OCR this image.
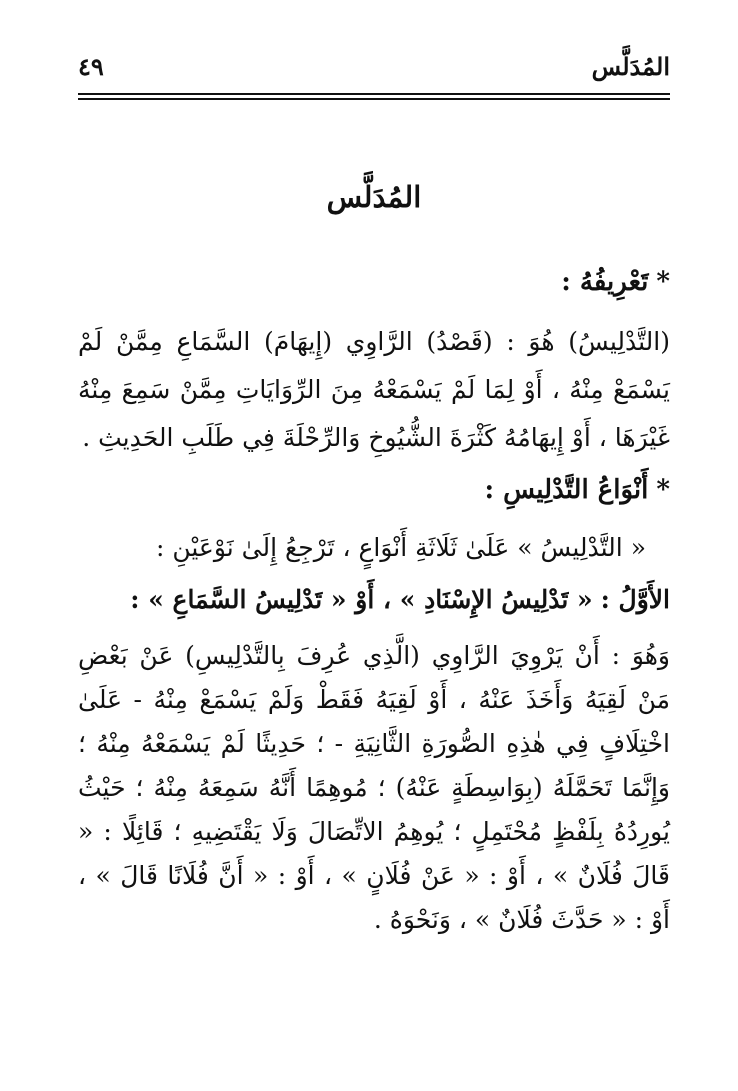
المُدَلَّس
٤٩
المُدَلَّس
*تَعْرِيفُهُ :

(التَّدْلِيسُ) هُوَ : (قَصْدُ) الرَّاوِي (إِيهَامَ) السَّمَاعِ مِمَّنْ لَمْ يَسْمَعْ مِنْهُ ، أَوْ لِمَا لَمْ يَسْمَعْهُ مِنَ الرِّوَايَاتِ مِمَّنْ سَمِعَ مِنْهُ غَيْرَهَا ، أَوْ إِيهَامُهُ كَثْرَةَ الشُّيُوخِ وَالرِّحْلَةَ فِي طَلَبِ الحَدِيثِ .

*أَنْوَاعُ التَّدْلِيسِ :

« التَّدْلِيسُ » عَلَىٰ ثَلَاثَةِ أَنْوَاعٍ ، تَرْجِعُ إِلَىٰ نَوْعَيْنِ :

الأَوَّلُ : « تَدْلِيسُ الإِسْنَادِ » ، أَوْ « تَدْلِيسُ السَّمَاعِ » :

وَهُوَ : أَنْ يَرْوِيَ الرَّاوِي (الَّذِي عُرِفَ بِالتَّدْلِيسِ) عَنْ بَعْضِ مَنْ لَقِيَهُ وَأَخَذَ عَنْهُ ، أَوْ لَقِيَهُ فَقَطْ وَلَمْ يَسْمَعْ مِنْهُ - عَلَىٰ اخْتِلَافٍ فِي هٰذِهِ الصُّورَةِ الثَّانِيَةِ - ؛ حَدِيثًا لَمْ يَسْمَعْهُ مِنْهُ ؛ وَإِنَّمَا تَحَمَّلَهُ (بِوَاسِطَةٍ عَنْهُ) ؛ مُوهِمًا أَنَّهُ سَمِعَهُ مِنْهُ ؛ حَيْثُ يُورِدُهُ بِلَفْظٍ مُحْتَمِلٍ ؛ يُوهِمُ الاتِّصَالَ وَلَا يَقْتَضِيهِ ؛ قَائِلًا : « قَالَ فُلَانٌ » ، أَوْ : « عَنْ فُلَانٍ » ، أَوْ : « أَنَّ فُلَانًا قَالَ » ، أَوْ : « حَدَّثَ فُلَانٌ » ، وَنَحْوَهُ .
